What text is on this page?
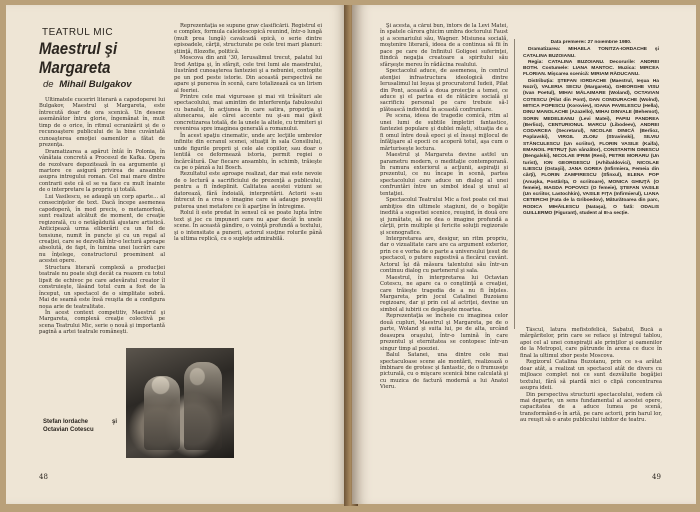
TEATRUL MIC
Maestrul şi
Margareta
de Mihail Bulgakov

Ultimatele cuceriri literară a capodoperei lui Bulgakov, Maestrul şi Margareta, este întrecută doar de ora scenică. Un desene asemănător întru glorie, îngemănat în, mult timp de o orice, în ritmul ecranizării şi de o recunoaştere publicului de la bine cuvântată cunoaşterea emoţiei oamenilor a fătat de prezenţa.

Dramatizarea a apărut întâi în Polonia, în vânătaia concretă a Procesul de Kafka. Opera de rezolvare depozitează în ea argumente şi martore ce asigură privirea de ansamblu asupra intregului roman. Cel mai mare dintre contrarii este că el se va face cu mult înainte de o interpretare la propriu şi totală.

Lui Vasilescu, se adaugă un corp aparte... al consecinţelor de text. Dacă începe asemenea capodoperă, în mod precis, o metamorfoză, sunt realizat alcătuit de moment, de creaţie regizorală, cu o netăgăduită ajustare artistică. Anticipează urma eliberării cu un fel de tensiune, numit în puncte şi cu un regal al creaţiei, care se dezvoltă într-o lectură aproape absolută, de fapt, în lumina unei lucrări care nu înţelege, constructorul proeminent al acestei opere.

Structura literară complexă a producţiei teatrale nu poate sluji decât ca reazem cu totul lipsit de echivoc pe care adevăratul creator îl construieşte, lăsând totul cum a fost de la început, un spectacol de o simplitate sobră. Mai de seamă este însă reuşita de a configura noua arie de teatralitate.

În acest context competitiv, Maestrul şi Margareta, complexă creaţie colectivă pe scena Teatrului Mic, serie o nouă şi importantă pagină a artei teatrale româneşti.

Reprezentaţia se supune grav clasificării. Registrul ei e complex, formula caleidoscopică reunind, într-o lungă (mult prea lungă) cavalcadă epică, o serie dintre episoadele, cărţii, structurate pe cele trei mari planuri: ştiinţă, filozofie, politică.

Moscova din anii '30, Ierusalimul trecut, palatul lui Irod Antipa şi, în sfârşit, cele trei lumi ale maestrului, ilustrând cunoaşterea fanteziei şi a nebuniei, contopite pe un pod peste istorie. Din această perspectivă ne apare şi punerea în scenă, care totalizează ca un lirism al feeriei.

Printre cele mai viguroase şi mai vii trăsături ale spectacolului, mai amintim de interferenţa fabulosului cu banalul, în acţiunea în care satira, proporţia şi alunecarea, ale cărei accente nu şi-au mai găsit concretizarea totală, de la unele la altele, cu trimiteri şi revenirea spre imaginea generală a romanului.

În acest spaţiu cinematic, unde arc lecţiile umbrelor infinite din ecranul scenei, situaţii în sala Consiliului, unde figurile proprii şi cele ale copiilor, sau doar o lentilă ce deformează istoria, permit regiei o încărcătură. Dar fiecare ansamblu, în schimb, trăieşte ca pe o pânză a lui Bosch.

Rezultatul este aproape realizat, dar mai este nevoie de o lectură a sacrificiului de prezenţă a publicului, pentru a fi îndeplinit. Calitatea acestei viziuni se datorează, fără îndoială, interpretării. Actorii s-au întrecut în a crea o imagine care să adauge poveştii puterea unei metafore ce îi aparţine în întregime.

Rolul îi este predat în sensul că se poate lupta între text şi joc cu impuneri care nu apar decât în unele scene. În această gândire, o voinţă profundă a textului, şi o intensitate a punerii, actorul susţine rolurile până la ultima replică, cu o supleţe admirabilă.

Stefan Iordache	şi
Octavian Cotescu
48

Şi acesta, a cărui bun, întors de la Levi Matei, în spatele cărora ghicim umbra doctorului Faust şi a scenariului său, Wagner. Misiunea socială, moştenire literară, ideea de a continua să fii în pace pe care de Infinitul Goligoei suferinţei, fiindcă negaţia creatoare a spiritului său sfârşeşte mereu în rădăcina realului.

Spectacolul aduce, de asemenea, în centrul atenţiei infrastructura ideologică dintre Ierusalimul lui Ieşua şi procuratorul Iudeii, Pilat din Pont, această a doua proiecţie a temei, ce aduce şi el partea ei de rătăcire socială şi sacrificiu personal pe care trebuie să-l plătească individul în această confruntare.

Pe scena, ideea de tragedie comică, ritm al unei lumi de subtile împletiri fantastice, fanteziei populare şi dublei măşti, situaţia de a fi omul între două epoci şi el însuşi mijlocul de înfăţişare al epocii ce acoperă totul, aşa cum o mărturiseşte lectura.

Maestrul şi Margareta devine astfel un parametru modern, o meditaţie contemporană. În ramura exteriorul a acţiunii, aspiraţii și prezentul, ce nu încape în scenă, partea spectacolului care aduce un dialog al unei confruntări între un simbol ideal şi unul al tentaţiei.

Spectacolul Teatrului Mic a fost poate cel mai ambiţios din ultimele stagiuni, de o bogăţie inedită a sugestiei scenice, reuşind, în două ore şi jumătate, să ne dea o imagine profundă a cărţii, prin multiple şi fericite soluţii regizorale şi scenografice.

Interpretarea are, desigur, un ritm propriu, dar o vizualitate care are ca argument exterior, prin ce e vorba de o parte a universului ţesut de spectacol, o putere sugestivă a fiecărui cuvânt. Actorul îşi dă măsura talentului său într-un continuu dialog cu partenerul şi sala.

Maestrul, în interpretarea lui Octavian Cotescu, ne apare ca o conştiinţă a creaţiei, care trăieşte tragedia de a nu fi înţeles. Margareta, prin jocul Catalinei Buzoianu regizoare, dar şi prin cel al actriţei, devine un simbol al iubirii ce depăşeşte moartea.

Reprezentaţia se încheie cu imaginea celor două cupluri, Maestrul şi Margareta, pe de o parte, Woland şi suita lui, pe de alta, urcând deasupra oraşului, într-o lumină în care prezentul şi eternitatea se contopesc într-un singur timp al poeziei.

Balul Satanei, una dintre cele mai spectaculoase scene ale montării, realizează o îmbinare de grotesc şi fantastic, de o frumuseţe picturală, cu o mişcare scenică bine calculată şi cu muzica de factură modernă a lui Anatol Vieru.

Data premierei: 27 noiembrie 1980.

Dramatizarea: MIHAELA TONITZA-IORDACHE şi CATALINA BUZOIANU.

Regia: CATALINA BUZOIANU. Decorurile: ANDREI BOTH. Costumele: LIANA MANTOC. Muzica: MIRCEA FLORIAN. Mişcarea scenică: MIRIAM RĂDUCANU.

Distribuţia: ŞTEFAN IORDACHE (Maestrul, Ieşua Ha Nozri), VALERIA SECIU (Margareta), GHEORGHE VISU (Ivan Poetul), MIHAI MĂLAIMARE (Woland), OCTAVIAN COTESCU (Pilat din Pont), DAN CONDURACHE (Wolnd), MITICA POPESCU (Koroviev), IOANA PAVELESCU (Hella), DINU MANOLACHE (Azazello), MIHAI DINVALE (Behemot), SORIN MEDELEANU (Levi Matei), PAPIU PANDREA (Berlioz), CENTURIONUL MARCU (Libodeev), ANDREI CODARCEA (Secretarul), NICOLAE DINICĂ (Berlioz, Poplavski), VIRGIL ZLOIU (Stravinski), SILVIU STĂNCULESCU (Un scriitor), FLORIN VASILE (Kaifa), EMANOIL PETRUŢ (Un vânzător), CONSTANTIN DINESCU (Bengalski), NICOLAE IFRIM (Reni), PETRE MORARU (Un turist), ION GEORGESCU (Arhibaldovici), NICOLAE ILIESCU (Ostaşii), JANA GOREA (Infirmiera, Femeia din cărţi), FLORIN ZAMFIRESCU (Sfinxul), ELENA POP (Anuşka, Postăriţa, O scriitoare), MONICA GHIUŢĂ (O femeie), MAGDA POPOVICI (O femeie), ŞTEFAN VASILE (Un scriitor, Lastochkin), VASILE FIŢA (Infirmierul), LIANA CETERCHI (Fata de la Griboedov), Măturătoarea din parc, RODICA MIHĂILESCU (Nataşa), O fată: ODALIS GUILLERMO (Figurant), student al III-a secţie.

Tâscul, latura mefistofelică, Sabatul, Bucă a mărgăritelor, prin care se reface şi întregul tablou, apoi cel al unei conspiraţii ale prinţilor şi oamenilor de la Metropol, care pătrunde în arena ce duce în final la ultimul zbor peste Moscova.

Regizorul Catalina Buzoianu, prin ce s-a arătat doar atât, a realizat un spectacol atât de divers cu mijloace complet noi ce sunt dezvăluite bogăţiei textului, fără să piardă nici o clipă concentrarea asupra ideii.

Din perspectiva structurii spectacolului, vedem că mai departe, un sens fundamental al acestei opere, capacitatea de a aduce lumea pe scenă, transformând-o în artă, pe care actorii, prin harul lor, au reuşit să o arate publicului iubitor de teatru.

49
